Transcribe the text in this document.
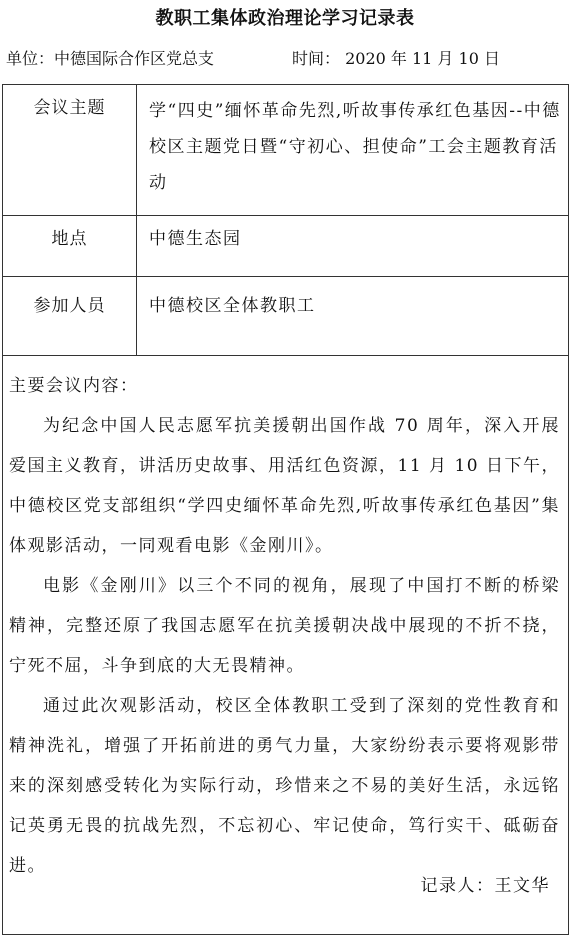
教职工集体政治理论学习记录表
单位：中德国际合作区党总支	时间： 2020 年 11 月 10 日
会议主题	学“四史”缅怀革命先烈,听故事传承红色基因--中德校区主题党日暨“守初心、担使命”工会主题教育活动
地点	中德生态园
参加人员	中德校区全体教职工

主要会议内容：

为纪念中国人民志愿军抗美援朝出国作战 70 周年，深入开展爱国主义教育，讲活历史故事、用活红色资源，11 月 10 日下午，中德校区党支部组织“学四史缅怀革命先烈,听故事传承红色基因”集体观影活动，一同观看电影《金刚川》。

电影《金刚川》以三个不同的视角，展现了中国打不断的桥梁精神，完整还原了我国志愿军在抗美援朝决战中展现的不折不挠，宁死不屈，斗争到底的大无畏精神。

通过此次观影活动，校区全体教职工受到了深刻的党性教育和精神洗礼，增强了开拓前进的勇气力量，大家纷纷表示要将观影带来的深刻感受转化为实际行动，珍惜来之不易的美好生活，永远铭记英勇无畏的抗战先烈，不忘初心、牢记使命，笃行实干、砥砺奋进。	

记录人：王文华
